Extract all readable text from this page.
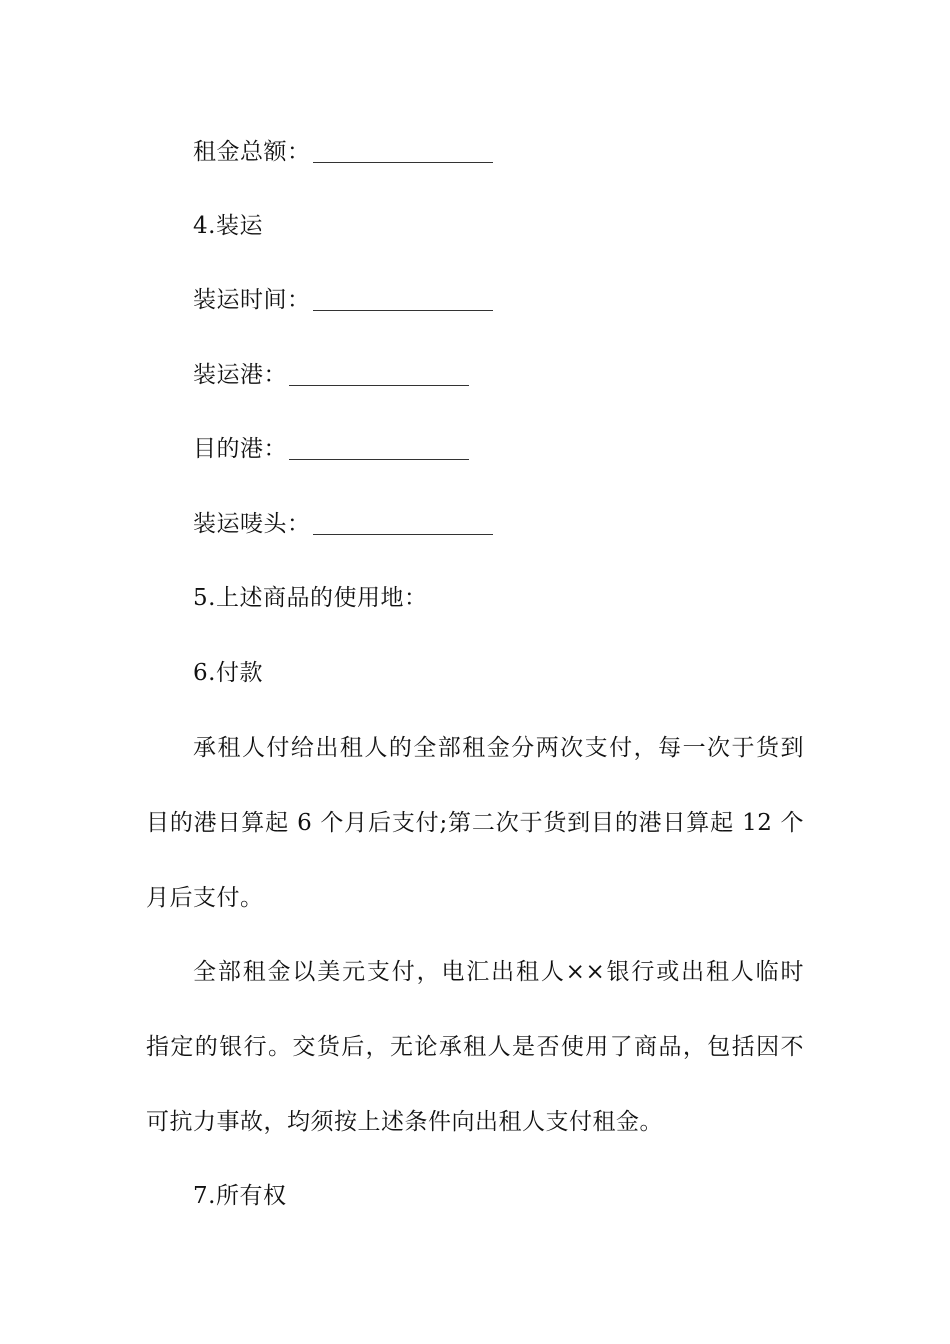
租金总额：
4.装运
装运时间：
装运港：
目的港：
装运唛头：
5.上述商品的使用地：
6.付款
承租人付给出租人的全部租金分两次支付，每一次于货到
目的港日算起 6 个月后支付;第二次于货到目的港日算起 12 个
月后支付。
全部租金以美元支付，电汇出租人××银行或出租人临时
指定的银行。交货后，无论承租人是否使用了商品，包括因不
可抗力事故，均须按上述条件向出租人支付租金。
7.所有权
